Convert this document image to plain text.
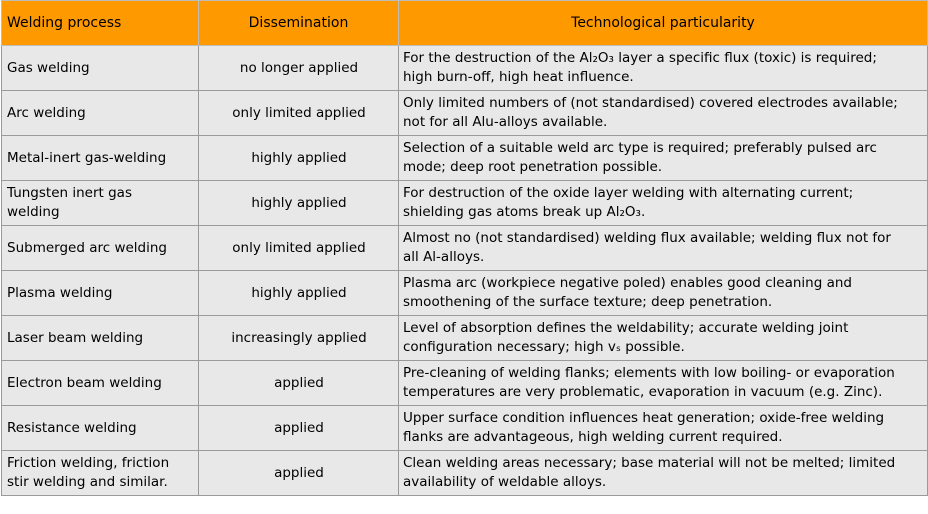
Welding process	Dissemination	Technological particularity
Gas welding	no longer applied	For the destruction of the Al₂O₃ layer a specific flux (toxic) is required;
high burn-off, high heat influence.
Arc welding	only limited applied	Only limited numbers of (not standardised) covered electrodes available;
not for all Alu-alloys available.
Metal-inert gas-welding	highly applied	Selection of a suitable weld arc type is required; preferably pulsed arc
mode; deep root penetration possible.
Tungsten inert gas
welding	highly applied	For destruction of the oxide layer welding with alternating current;
shielding gas atoms break up Al₂O₃.
Submerged arc welding	only limited applied	Almost no (not standardised) welding flux available; welding flux not for
all Al-alloys.
Plasma welding	highly applied	Plasma arc (workpiece negative poled) enables good cleaning and
smoothening of the surface texture; deep penetration.
Laser beam welding	increasingly applied	Level of absorption defines the weldability; accurate welding joint
configuration necessary; high vₛ possible.
Electron beam welding	applied	Pre-cleaning of welding flanks; elements with low boiling- or evaporation
temperatures are very problematic, evaporation in vacuum (e.g. Zinc).
Resistance welding	applied	Upper surface condition influences heat generation; oxide-free welding
flanks are advantageous, high welding current required.
Friction welding, friction
stir welding and similar.	applied	Clean welding areas necessary; base material will not be melted; limited
availability of weldable alloys.
